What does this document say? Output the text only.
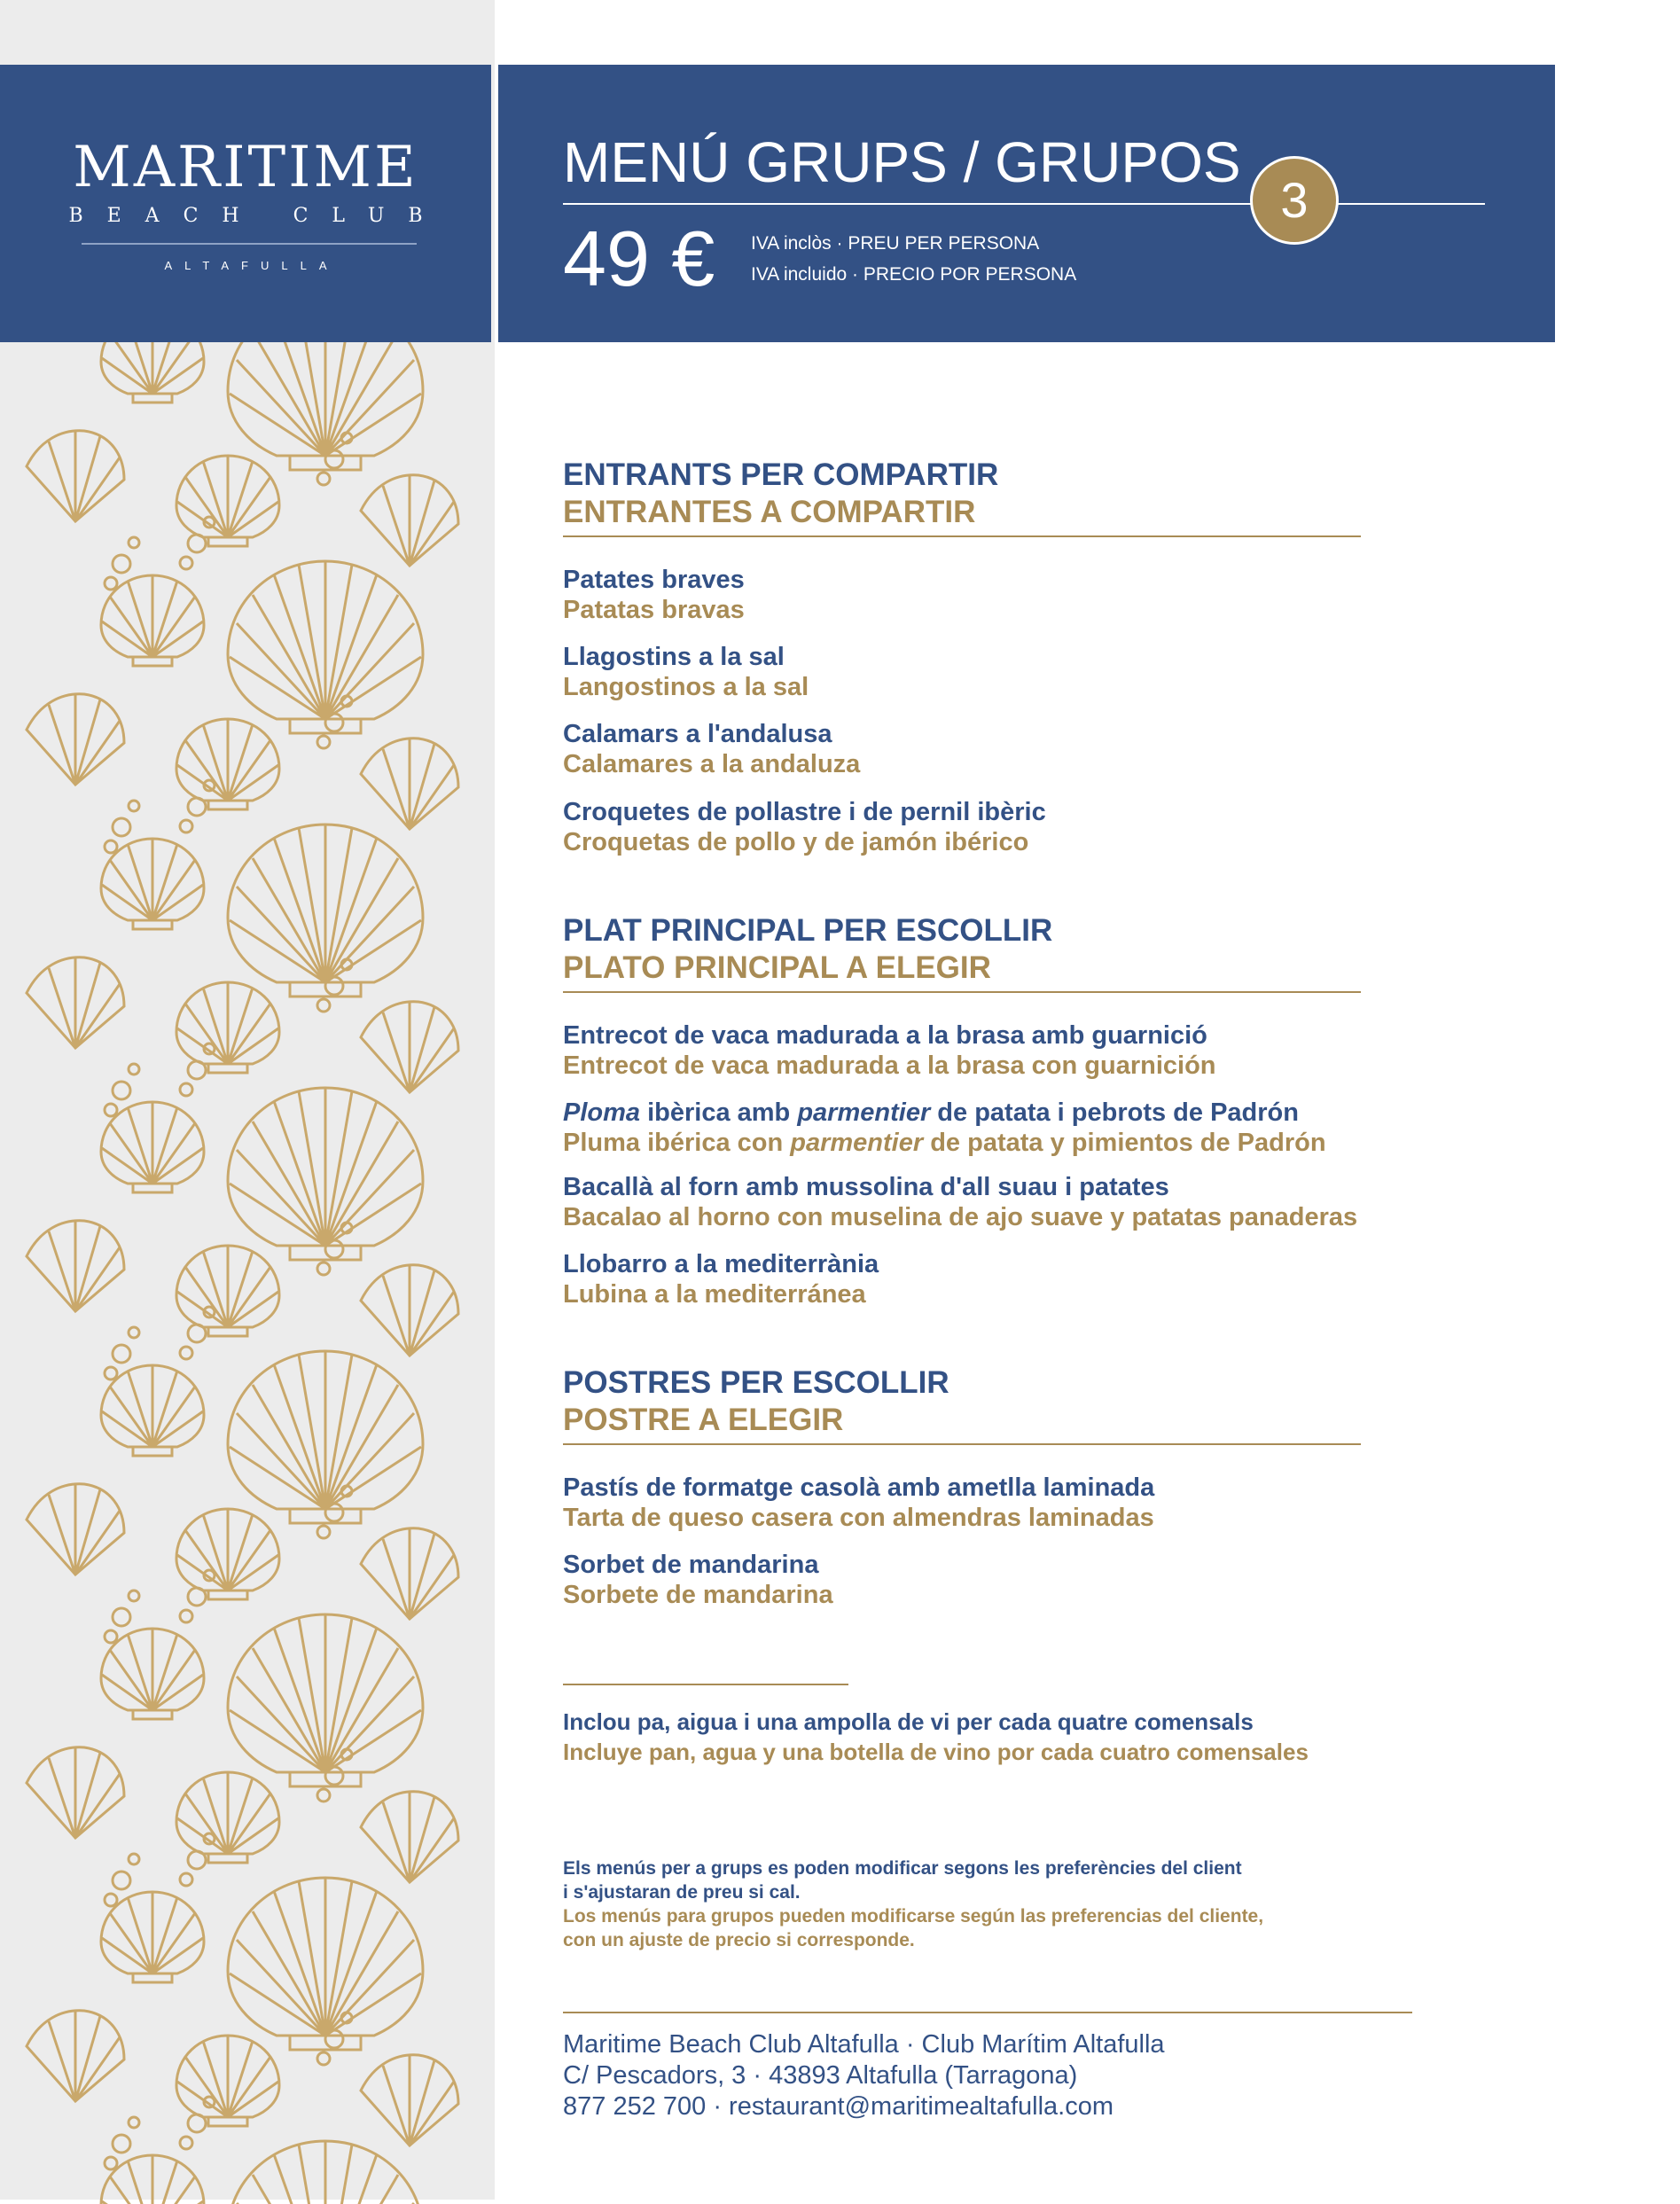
MARITIME
BEACH CLUB
ALTAFULLA
2026
MENÚ GRUPS / GRUPOS
49 € IVA inclòs · PREU PER PERSONA
IVA incluido · PRECIO POR PERSONA
3
ENTRANTS PER COMPARTIR
ENTRANTES A COMPARTIR
Patates braves
Patatas bravas
Llagostins a la sal
Langostinos a la sal
Calamars a l'andalusa
Calamares a la andaluza
Croquetes de pollastre i de pernil ibèric
Croquetas de pollo y de jamón ibérico
PLAT PRINCIPAL PER ESCOLLIR
PLATO PRINCIPAL A ELEGIR
Entrecot de vaca madurada a la brasa amb guarnició
Entrecot de vaca madurada a la brasa con guarnición
Ploma ibèrica amb parmentier de patata i pebrots de Padrón
Pluma ibérica con parmentier de patata y pimientos de Padrón
Bacallà al forn amb mussolina d'all suau i patates
Bacalao al horno con muselina de ajo suave y patatas panaderas
Llobarro a la mediterrània
Lubina a la mediterránea
POSTRES PER ESCOLLIR
POSTRE A ELEGIR
Pastís de formatge casolà amb ametlla laminada
Tarta de queso casera con almendras laminadas
Sorbet de mandarina
Sorbete de mandarina
Inclou pa, aigua i una ampolla de vi per cada quatre comensals
Incluye pan, agua y una botella de vino por cada cuatro comensales
Els menús per a grups es poden modificar segons les preferències del client
i s'ajustaran de preu si cal.
Los menús para grupos pueden modificarse según las preferencias del cliente,
con un ajuste de precio si corresponde.
Maritime Beach Club Altafulla · Club Marítim Altafulla
C/ Pescadors, 3 · 43893 Altafulla (Tarragona)
877 252 700 · restaurant@maritimealtafulla.com
